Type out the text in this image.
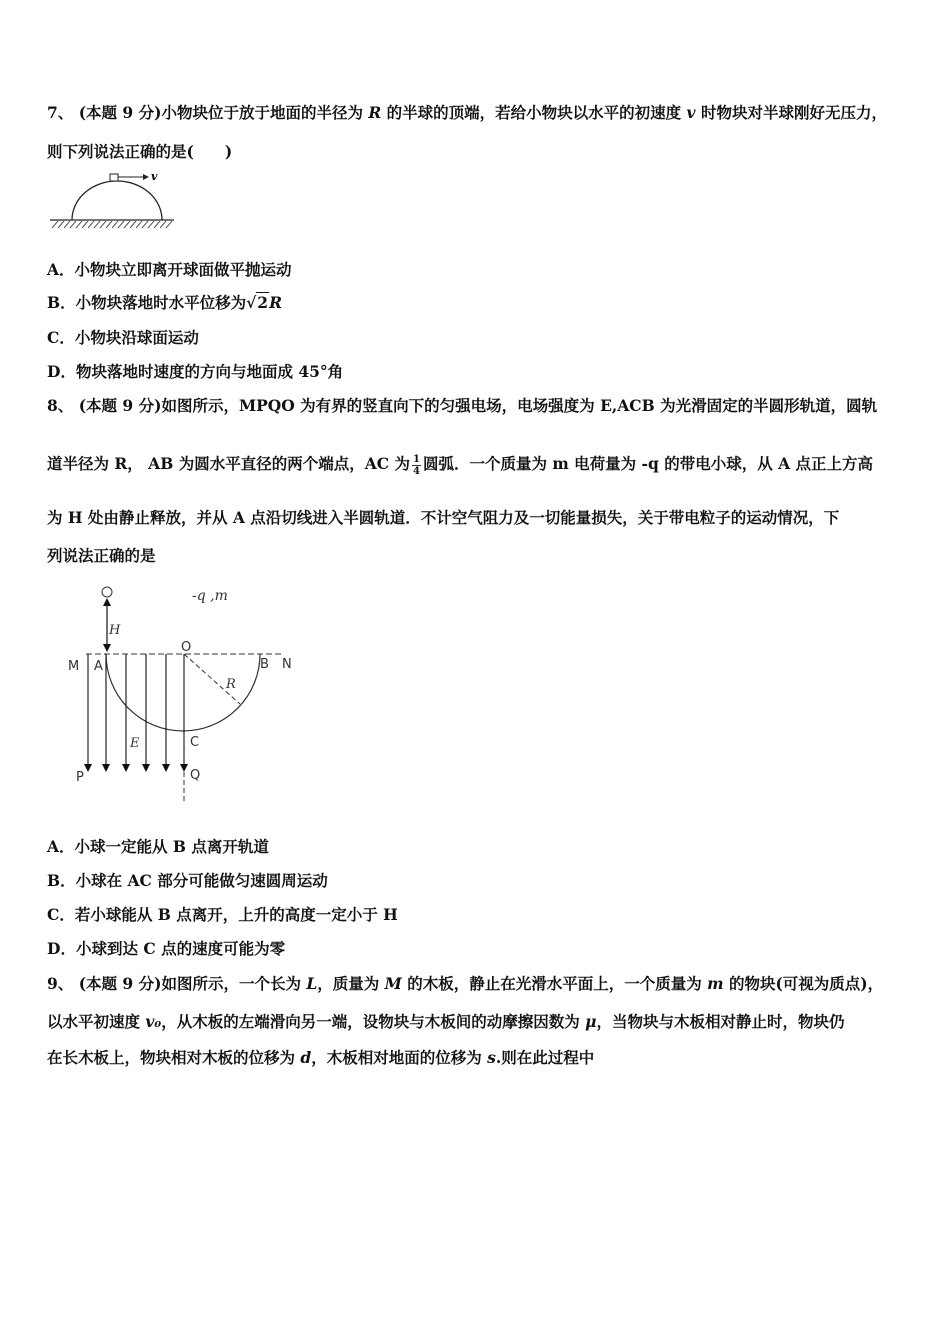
7、 (本题 9 分)小物块位于放于地面的半径为 R 的半球的顶端，若给小物块以水平的初速度 v 时物块对半球刚好无压力，
则下列说法正确的是(　　)
v
A．小物块立即离开球面做平抛运动
B．小物块落地时水平位移为√2R
C．小物块沿球面运动
D．物块落地时速度的方向与地面成 45°角
8、 (本题 9 分)如图所示，MPQO 为有界的竖直向下的匀强电场，电场强度为 E,ACB 为光滑固定的半圆形轨道，圆轨
道半径为 R， AB 为圆水平直径的两个端点，AC 为 $\frac{1}{4}$ 圆弧．一个质量为 m 电荷量为 -q 的带电小球，从 A 点正上方高
为 H 处由静止释放，并从 A 点沿切线进入半圆轨道．不计空气阻力及一切能量损失，关于带电粒子的运动情况，下
列说法正确的是
-q ,m
H
M A
O
B N
R
E	C
P	Q
A．小球一定能从 B 点离开轨道
B．小球在 AC 部分可能做匀速圆周运动
C．若小球能从 B 点离开，上升的高度一定小于 H
D．小球到达 C 点的速度可能为零
9、 (本题 9 分)如图所示，一个长为 L，质量为 M 的木板，静止在光滑水平面上，一个质量为 m 的物块(可视为质点)，
以水平初速度 v₀，从木板的左端滑向另一端，设物块与木板间的动摩擦因数为 μ，当物块与木板相对静止时，物块仍
在长木板上，物块相对木板的位移为 d，木板相对地面的位移为 s.则在此过程中
